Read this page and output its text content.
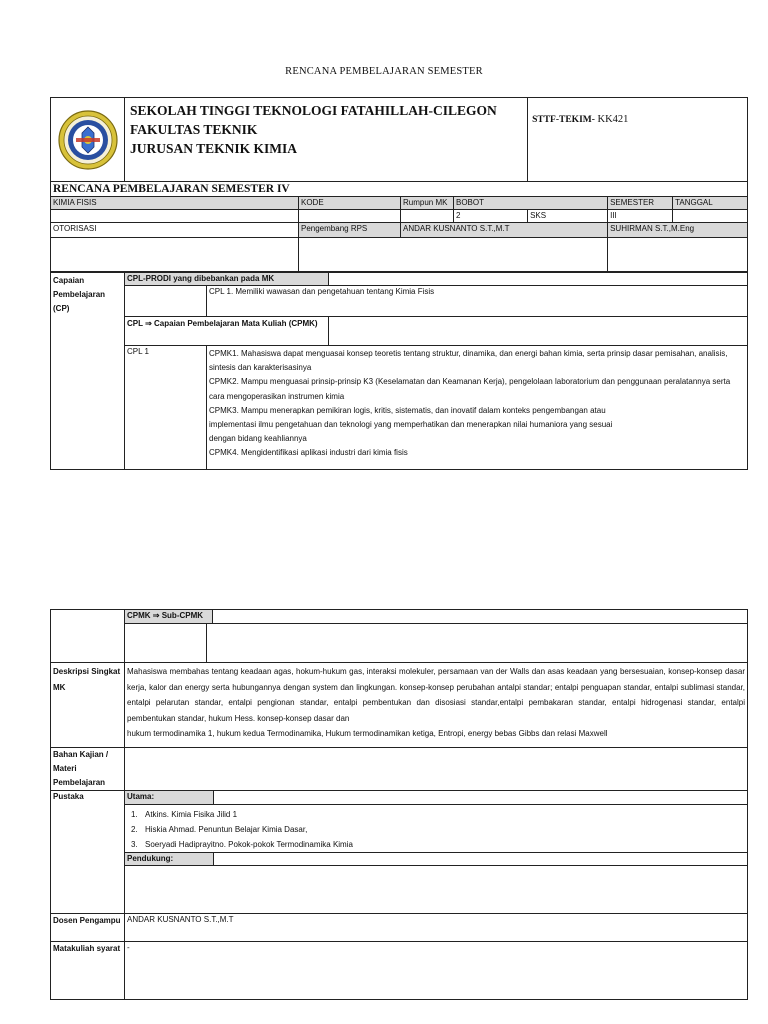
RENCANA PEMBELAJARAN SEMESTER

SEKOLAH TINGGI TEKNOLOGI FATAHILLAH-CILEGON
FAKULTAS TEKNIK
JURUSAN TEKNIK KIMIA				STTF-TEKIM- KK421		
RENCANA PEMBELAJARAN SEMESTER IV							
KIMIA FISIS		KODE	Rumpun MK	BOBOT		SEMESTER	TANGGAL
				2	SKS	III	
OTORISASI		Pengembang RPS	ANDAR KUSNANTO S.T.,M.T			SUHIRMAN S.T.,M.Eng	

Capaian Pembelajaran (CP)	CPL-PRODI yang dibebankan pada MK		
		CPL 1. Memiliki wawasan dan pengetahuan tentang Kimia Fisis	
	CPL ⇒ Capaian Pembelajaran Mata Kuliah (CPMK)		
	CPL 1	CPMK1. Mahasiswa dapat menguasai konsep teoretis tentang struktur, dinamika, dan energi bahan kimia, serta prinsip dasar pemisahan, analisis, sintesis dan karakterisasinya
CPMK2. Mampu menguasai prinsip-prinsip K3 (Keselamatan dan Keamanan Kerja), pengelolaan laboratorium dan penggunaan peralatannya serta cara mengoperasikan instrumen kimia
CPMK3. Mampu menerapkan pemikiran logis, kritis, sistematis, dan inovatif dalam konteks pengembangan atau implementasi ilmu pengetahuan dan teknologi yang memperhatikan dan menerapkan nilai humaniora yang sesuai dengan bidang keahliannya
CPMK4. Mengidentifikasi aplikasi industri dari kimia fisis	
	CPMK ⇒ Sub-CPMK	

Deskripsi Singkat MK	
Mahasiswa membahas tentang keadaan agas, hokum-hukum gas, interaksi molekuler, persamaan van der Walls dan asas keadaan yang bersesuaian, konsep-konsep dasar kerja, kalor dan energy serta hubungannya dengan system dan lingkungan. konsep-konsep perubahan antalpi standar; entalpi penguapan standar, entalpi sublimasi standar, entalpi pelarutan standar, entalpi pengionan standar, entalpi pembentukan dan disosiasi standar,entalpi pembakaran standar, entalpi hidrogenasi standar, entalpi pembentukan standar, hukum Hess. konsep-konsep dasar dan
hukum termodinamika 1, hukum kedua Termodinamika, Hukum termodinamikan ketiga, Entropi, energy bebas Gibbs dan relasi Maxwell

Bahan Kajian / Materi Pembelajaran	
Pustaka		Utama:	

1. Atkins. Kimia Fisika Jilid 1
2. Hiskia Ahmad. Penuntun Belajar Kimia Dasar,
3. Soeryadi Hadiprayitno. Pokok-pokok Termodinamika Kimia

Pendukung:	

Dosen Pengampu	ANDAR KUSNANTO S.T.,M.T
Matakuliah syarat	-
